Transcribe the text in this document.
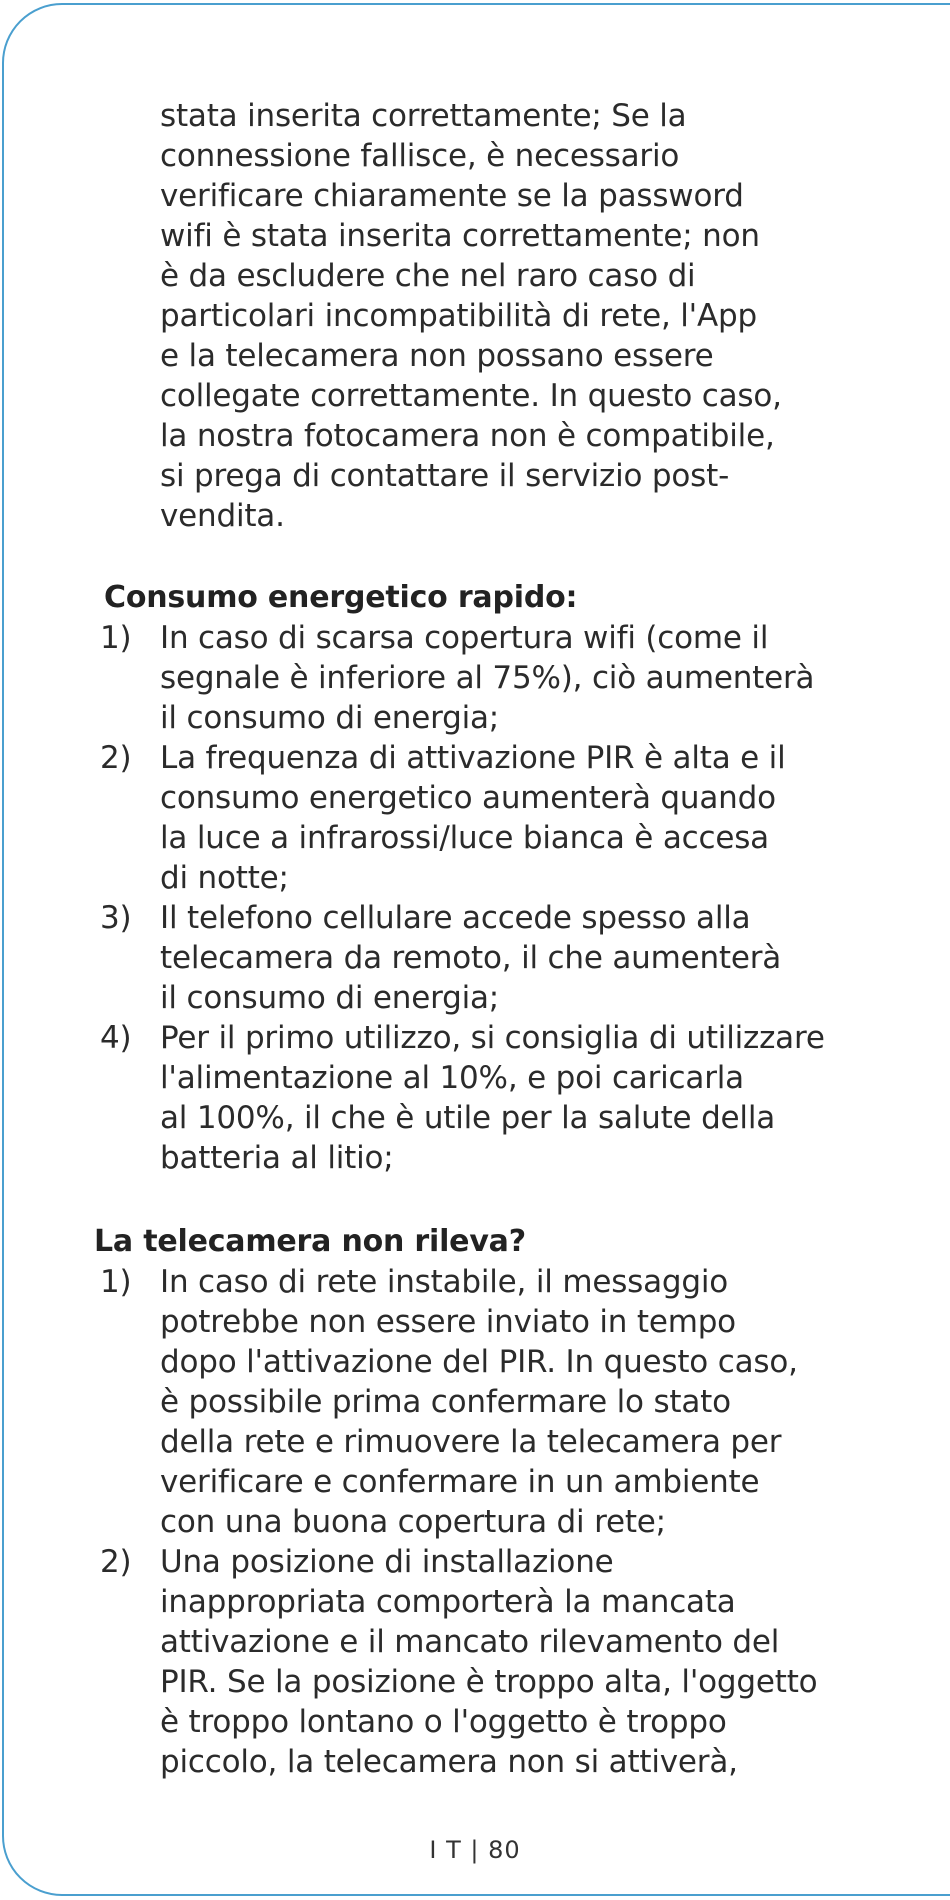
stata inserita correttamente; Se la
connessione fallisce, è necessario
verificare chiaramente se la password
wifi è stata inserita correttamente; non
è da escludere che nel raro caso di
particolari incompatibilità di rete, l'App
e la telecamera non possano essere
collegate correttamente. In questo caso,
la nostra fotocamera non è compatibile,
si prega di contattare il servizio post-
vendita.
Consumo energetico rapido:
1) In caso di scarsa copertura wifi (come il
segnale è inferiore al 75%), ciò aumenterà
il consumo di energia;
2) La frequenza di attivazione PIR è alta e il
consumo energetico aumenterà quando
la luce a infrarossi/luce bianca è accesa
di notte;
3) Il telefono cellulare accede spesso alla
telecamera da remoto, il che aumenterà
il consumo di energia;
4) Per il primo utilizzo, si consiglia di utilizzare
l'alimentazione al 10%, e poi caricarla
al 100%, il che è utile per la salute della
batteria al litio;
La telecamera non rileva?
1) In caso di rete instabile, il messaggio
potrebbe non essere inviato in tempo
dopo l'attivazione del PIR. In questo caso,
è possibile prima confermare lo stato
della rete e rimuovere la telecamera per
verificare e confermare in un ambiente
con una buona copertura di rete;
2) Una posizione di installazione
inappropriata comporterà la mancata
attivazione e il mancato rilevamento del
PIR. Se la posizione è troppo alta, l'oggetto
è troppo lontano o l'oggetto è troppo
piccolo, la telecamera non si attiverà,
I T | 80
